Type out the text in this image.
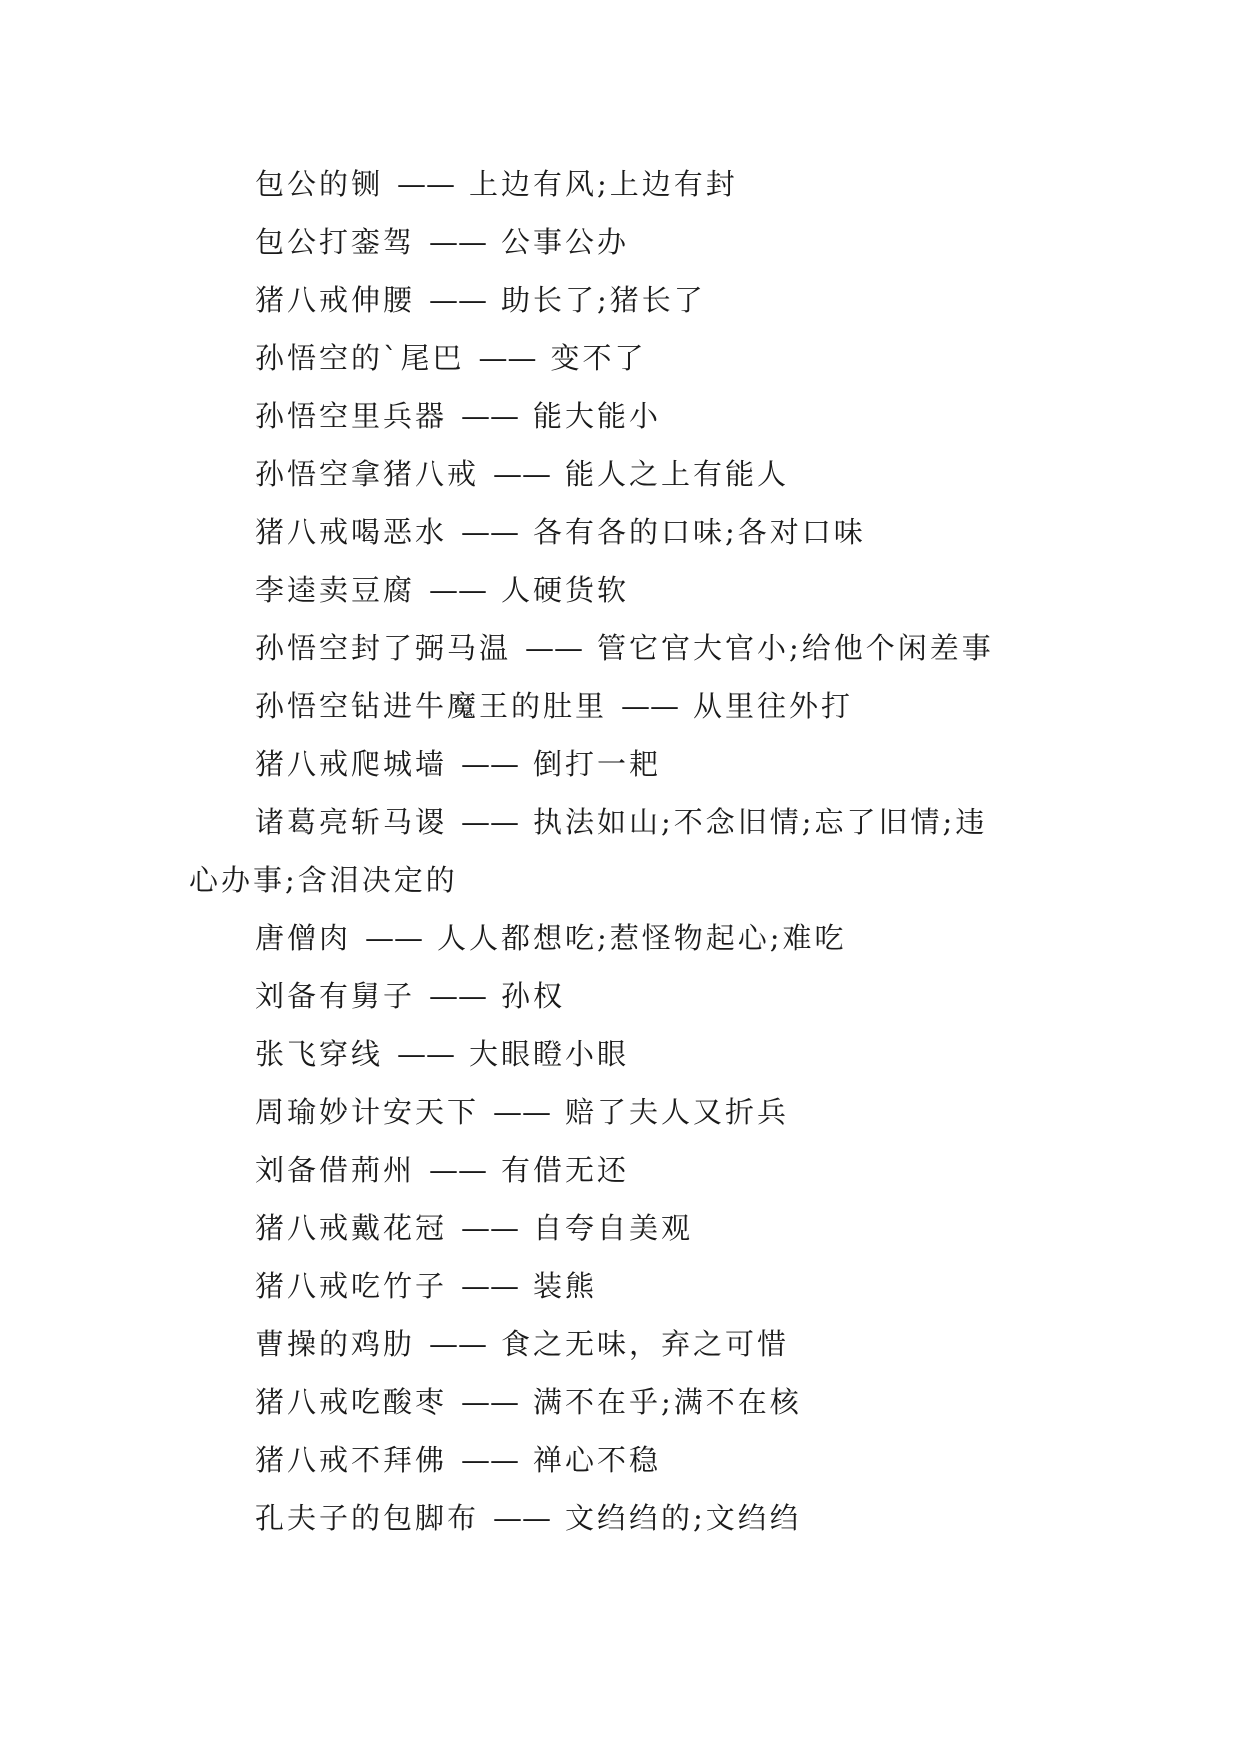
包公的铡 —— 上边有风;上边有封
包公打銮驾 —— 公事公办
猪八戒伸腰 —— 助长了;猪长了
孙悟空的`尾巴 —— 变不了
孙悟空里兵器 —— 能大能小
孙悟空拿猪八戒 —— 能人之上有能人
猪八戒喝恶水 —— 各有各的口味;各对口味
李逵卖豆腐 —— 人硬货软
孙悟空封了弼马温 —— 管它官大官小;给他个闲差事
孙悟空钻进牛魔王的肚里 —— 从里往外打
猪八戒爬城墙 —— 倒打一耙
诸葛亮斩马谡 —— 执法如山;不念旧情;忘了旧情;违
心办事;含泪决定的
唐僧肉 —— 人人都想吃;惹怪物起心;难吃
刘备有舅子 —— 孙权
张飞穿线 —— 大眼瞪小眼
周瑜妙计安天下 —— 赔了夫人又折兵
刘备借荊州 —— 有借无还
猪八戒戴花冠 —— 自夸自美观
猪八戒吃竹子 —— 装熊
曹操的鸡肋 —— 食之无味，弃之可惜
猪八戒吃酸枣 —— 满不在乎;满不在核
猪八戒不拜佛 —— 禅心不稳
孔夫子的包脚布 —— 文绉绉的;文绉绉
